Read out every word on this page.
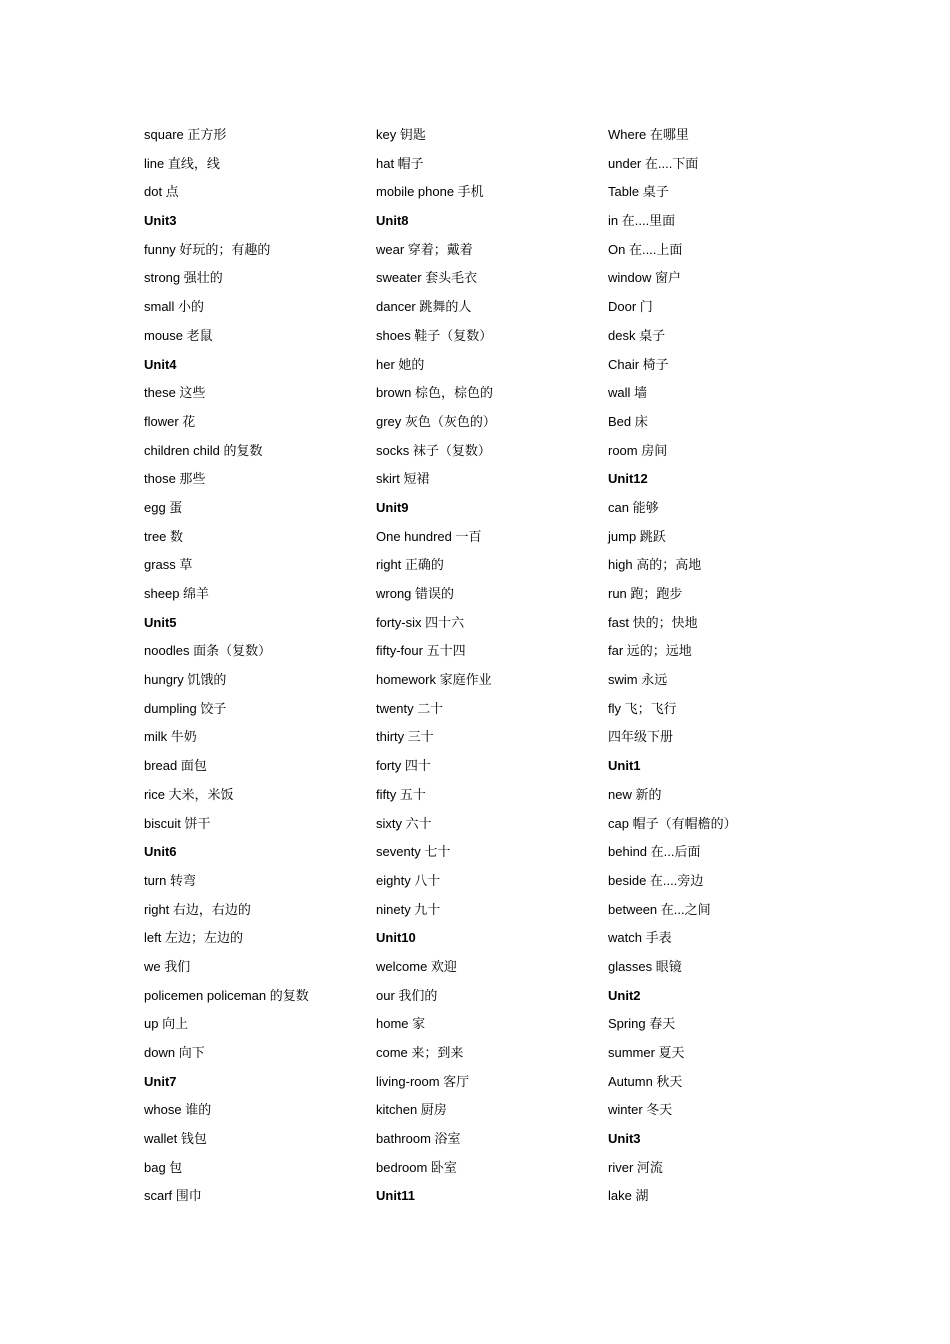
square 正方形
line 直线，线
dot 点
Unit3
funny 好玩的；有趣的
strong 强壮的
small 小的
mouse 老鼠
Unit4
these 这些
flower 花
children child 的复数
those 那些
egg 蛋
tree 数
grass 草
sheep 绵羊
Unit5
noodles 面条（复数）
hungry 饥饿的
dumpling 饺子
milk 牛奶
bread 面包
rice 大米，米饭
biscuit 饼干
Unit6
turn 转弯
right 右边，右边的
left 左边；左边的
we 我们
policemen policeman 的复数
up 向上
down 向下
Unit7
whose 谁的
wallet 钱包
bag 包
scarf 围巾
key 钥匙
hat 帽子
mobile phone 手机
Unit8
wear 穿着；戴着
sweater 套头毛衣
dancer 跳舞的人
shoes 鞋子（复数）
her 她的
brown 棕色，棕色的
grey 灰色（灰色的）
socks 袜子（复数）
skirt 短裙
Unit9
One hundred 一百
right 正确的
wrong 错误的
forty-six 四十六
fifty-four 五十四
homework 家庭作业
twenty 二十
thirty 三十
forty 四十
fifty 五十
sixty 六十
seventy 七十
eighty 八十
ninety 九十
Unit10
welcome 欢迎
our 我们的
home 家
come 来；到来
living-room 客厅
kitchen 厨房
bathroom 浴室
bedroom 卧室
Unit11
Where 在哪里
under 在....下面
Table 桌子
in 在....里面
On 在....上面
window 窗户
Door 门
desk 桌子
Chair 椅子
wall 墙
Bed 床
room 房间
Unit12
can 能够
jump 跳跃
high 高的；高地
run 跑；跑步
fast 快的；快地
far 远的；远地
swim 永远
fly 飞；飞行
四年级下册
Unit1
new 新的
cap 帽子（有帽檐的）
behind 在...后面
beside 在....旁边
between 在...之间
watch 手表
glasses 眼镜
Unit2
Spring 春天
summer 夏天
Autumn 秋天
winter 冬天
Unit3
river 河流
lake 湖
